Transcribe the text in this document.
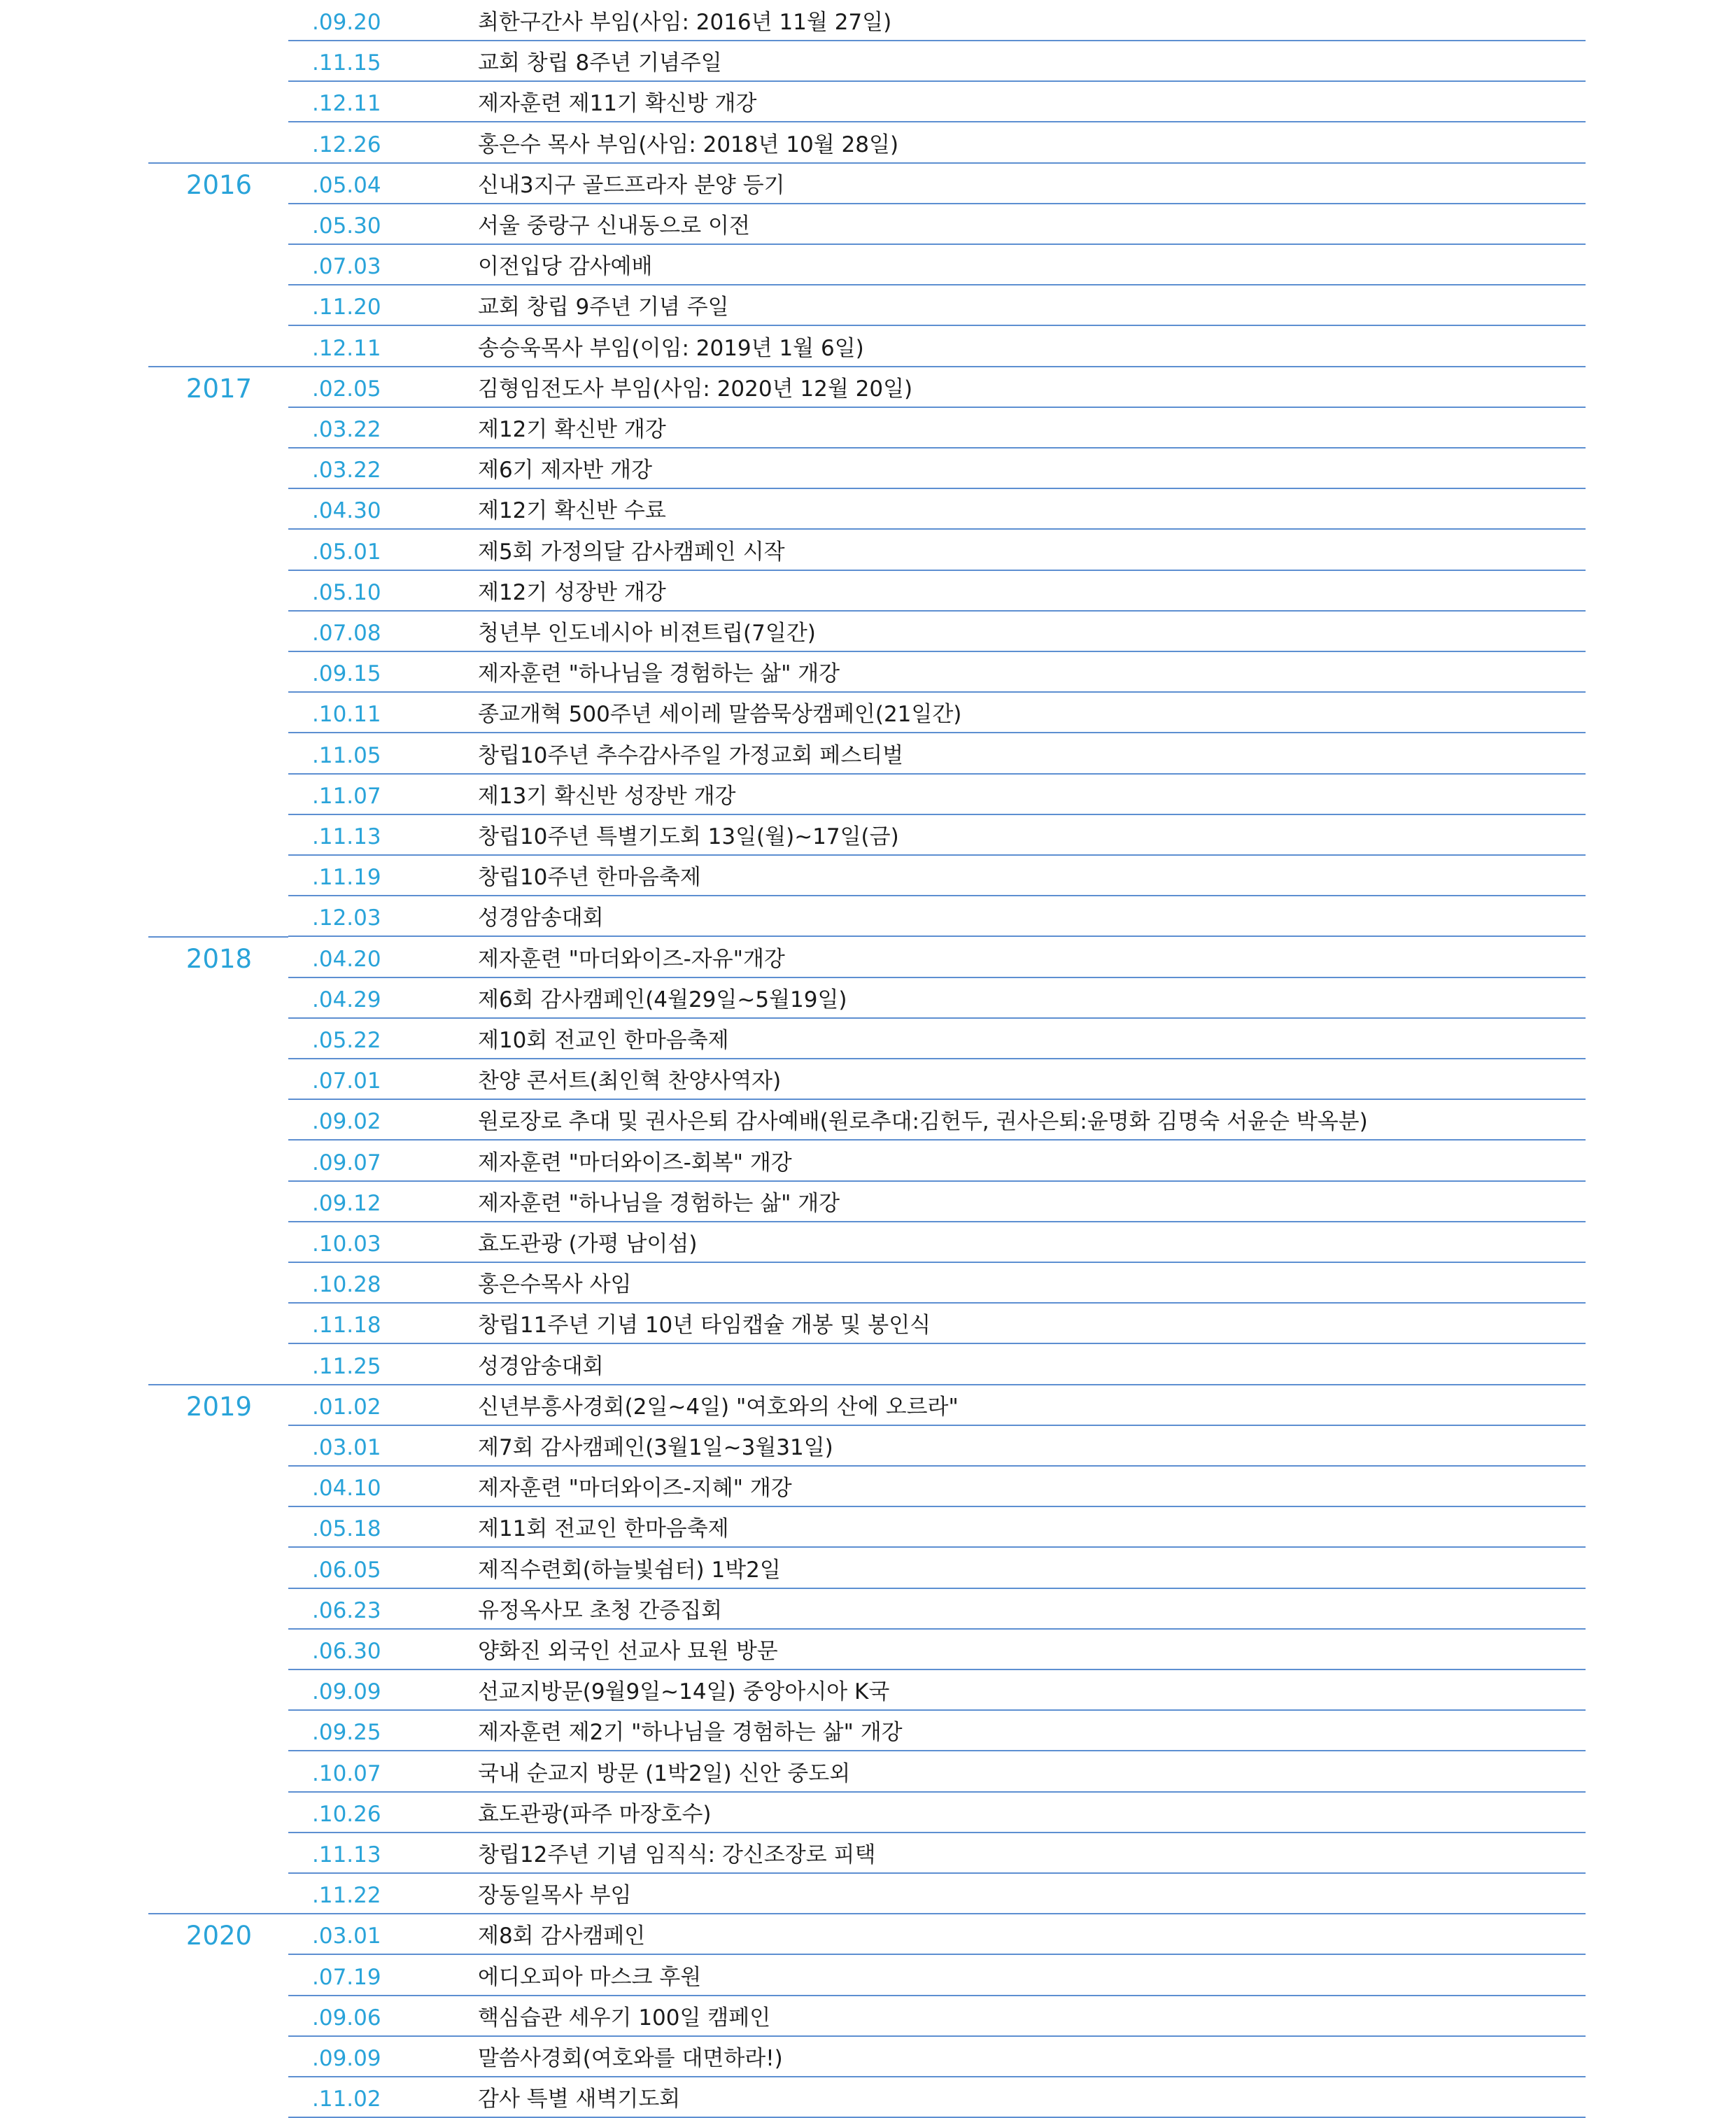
.09.20	최한구간사 부임(사임: 2016년 11월 27일)
.11.15	교회 창립 8주년 기념주일
.12.11	제자훈련 제11기 확신방 개강
.12.26	홍은수 목사 부임(사임: 2018년 10월 28일)
2016	.05.04	신내3지구 골드프라자 분양 등기
.05.30	서울 중랑구 신내동으로 이전
.07.03	이전입당 감사예배
.11.20	교회 창립 9주년 기념 주일
.12.11	송승욱목사 부임(이임: 2019년 1월 6일)
2017	.02.05	김형임전도사 부임(사임: 2020년 12월 20일)
.03.22	제12기 확신반 개강
.03.22	제6기 제자반 개강
.04.30	제12기 확신반 수료
.05.01	제5회 가정의달 감사캠페인 시작
.05.10	제12기 성장반 개강
.07.08	청년부 인도네시아 비젼트립(7일간)
.09.15	제자훈련 "하나님을 경험하는 삶" 개강
.10.11	종교개혁 500주년 세이레 말씀묵상캠페인(21일간)
.11.05	창립10주년 추수감사주일 가정교회 페스티벌
.11.07	제13기 확신반 성장반 개강
.11.13	창립10주년 특별기도회 13일(월)~17일(금)
.11.19	창립10주년 한마음축제
.12.03	성경암송대회
2018	.04.20	제자훈련 "마더와이즈-자유"개강
.04.29	제6회 감사캠페인(4월29일~5월19일)
.05.22	제10회 전교인 한마음축제
.07.01	찬양 콘서트(최인혁 찬양사역자)
.09.02	원로장로 추대 및 권사은퇴 감사예배(원로추대:김헌두, 권사은퇴:윤명화 김명숙 서윤순 박옥분)
.09.07	제자훈련 "마더와이즈-회복" 개강
.09.12	제자훈련 "하나님을 경험하는 삶" 개강
.10.03	효도관광 (가평 남이섬)
.10.28	홍은수목사 사임
.11.18	창립11주년 기념 10년 타임캡슐 개봉 및 봉인식
.11.25	성경암송대회
2019	.01.02	신년부흥사경회(2일~4일) "여호와의 산에 오르라"
.03.01	제7회 감사캠페인(3월1일~3월31일)
.04.10	제자훈련 "마더와이즈-지혜" 개강
.05.18	제11회 전교인 한마음축제
.06.05	제직수련회(하늘빛쉼터) 1박2일
.06.23	유정옥사모 초청 간증집회
.06.30	양화진 외국인 선교사 묘원 방문
.09.09	선교지방문(9월9일~14일) 중앙아시아 K국
.09.25	제자훈련 제2기 "하나님을 경험하는 삶" 개강
.10.07	국내 순교지 방문 (1박2일) 신안 중도외
.10.26	효도관광(파주 마장호수)
.11.13	창립12주년 기념 임직식: 강신조장로 피택
.11.22	장동일목사 부임
2020	.03.01	제8회 감사캠페인
.07.19	에디오피아 마스크 후원
.09.06	핵심습관 세우기 100일 캠페인
.09.09	말씀사경회(여호와를 대면하라!)
.11.02	감사 특별 새벽기도회
